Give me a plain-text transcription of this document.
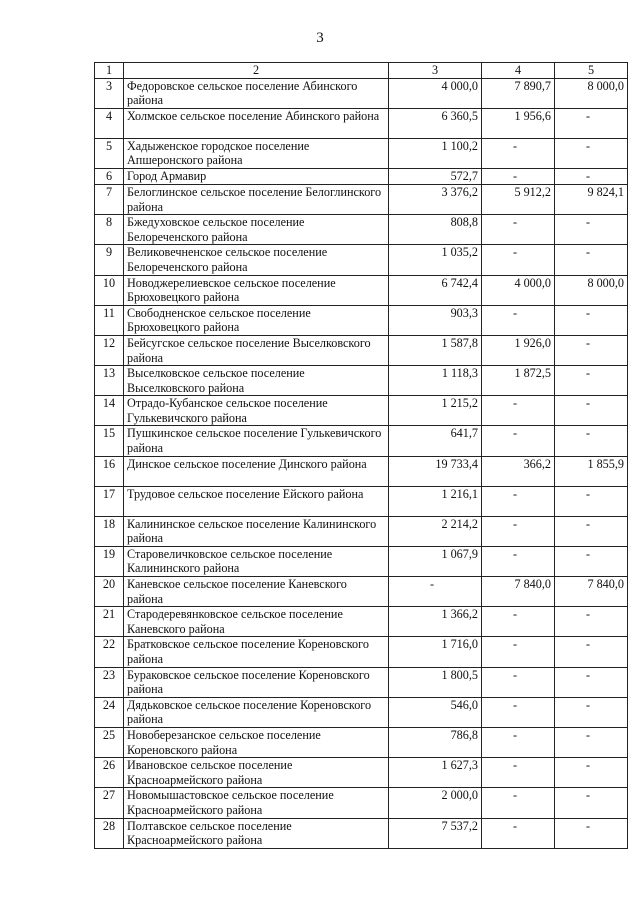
3
1	2	3	4	5
3	Федоровское сельское поселение Абинского района	4 000,0	7 890,7	8 000,0
4	Холмское сельское поселение Абинского района	6 360,5	1 956,6	-

5	Хадыженское городское поселение Апшеронского района	1 100,2	-	-

6	Город Армавир	572,7	-	-

7	Белоглинское сельское поселение Белоглинского района	3 376,2	5 912,2	9 824,1
8	Бжедуховское сельское поселение Белореченского района	808,8	-	-

9	Великовечненское сельское поселение Белореченского района	1 035,2	-	-

10	Новоджерелиевское сельское поселение Брюховецкого района	6 742,4	4 000,0	8 000,0
11	Свободненское сельское поселение Брюховецкого района	903,3	-	-

12	Бейсугское сельское поселение Выселковского района	1 587,8	1 926,0	-

13	Выселковское сельское поселение Выселковского района	1 118,3	1 872,5	-

14	Отрадо-Кубанское сельское поселение Гулькевичского района	1 215,2	-	-

15	Пушкинское сельское поселение Гулькевичского района	641,7	-	-

16	Динское сельское поселение Динского района	19 733,4	366,2	1 855,9
17	Трудовое сельское поселение Ейского района	1 216,1	-	-

18	Калининское сельское поселение Калининского района	2 214,2	-	-

19	Старовеличковское сельское поселение Калининского района	1 067,9	-	-

20	Каневское сельское поселение Каневского района	-	7 840,0	7 840,0
21	Стародеревянковское сельское поселение Каневского района	1 366,2	-	-

22	Братковское сельское поселение Кореновского района	1 716,0	-	-

23	Бураковское сельское поселение Кореновского района	1 800,5	-	-

24	Дядьковское сельское поселение Кореновского района	546,0	-	-

25	Новоберезанское сельское поселение Кореновского района	786,8	-	-

26	Ивановское сельское поселение Красноармейского района	1 627,3	-	-

27	Новомышастовское сельское поселение Красноармейского района	2 000,0	-	-

28	Полтавское сельское поселение Красноармейского района	7 537,2	-	-
